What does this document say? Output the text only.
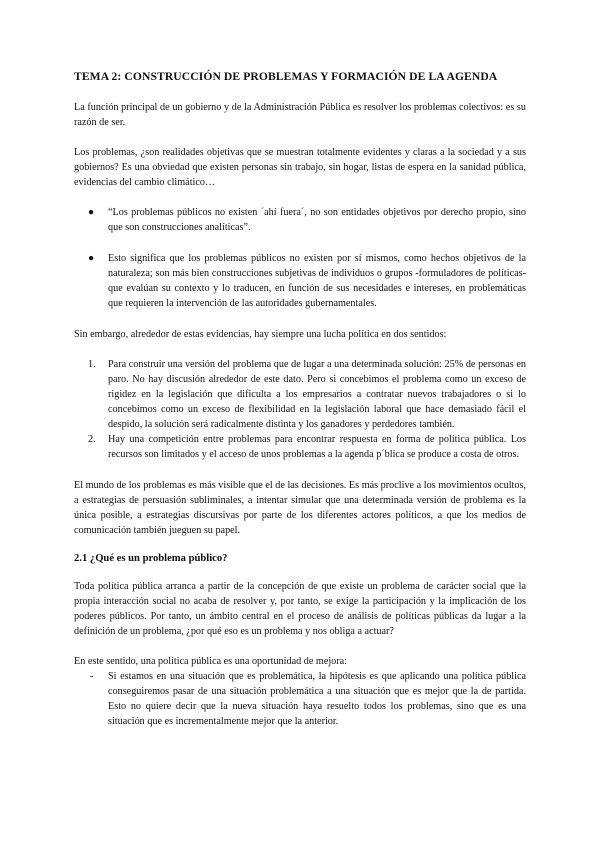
TEMA 2: CONSTRUCCIÓN DE PROBLEMAS Y FORMACIÓN DE LA AGENDA

La función principal de un gobierno y de la Administración Pública es resolver los problemas colectivos: es su razón de ser.

Los problemas, ¿son realidades objetivas que se muestran totalmente evidentes y claras a la sociedad y a sus gobiernos? Es una obviedad que existen personas sin trabajo, sin hogar, listas de espera en la sanidad pública, evidencias del cambio climático…

● “Los problemas públicos no existen ´ahí fuera´, no son entidades objetivos por derecho propio, sino que son construcciones analíticas”.
● Esto significa que los problemas públicos no existen por sí mismos, como hechos objetivos de la naturaleza; son más bien construcciones subjetivas de individuos o grupos -formuladores de políticas- que evalúan su contexto y lo traducen, en función de sus necesidades e intereses, en problemáticas que requieren la intervención de las autoridades gubernamentales.

Sin embargo, alrededor de estas evidencias, hay siempre una lucha política en dos sentidos:

1. Para construir una versión del problema que de lugar a una determinada solución: 25% de personas en paro. No hay discusión alrededor de este dato. Pero si concebimos el problema como un exceso de rigidez en la legislación que dificulta a los empresarios a contratar nuevos trabajadores o si lo concebimos como un exceso de flexibilidad en la legislación laboral que hace demasiado fácil el despido, la solución será radicalmente distinta y los ganadores y perdedores también.
2. Hay una competición entre problemas para encontrar respuesta en forma de política pública. Los recursos son limitados y el acceso de unos problemas a la agenda p´blica se produce a costa de otros.

El mundo de los problemas es más visible que el de las decisiones. Es más proclive a los movimientos ocultos, a estrategias de persuasión subliminales, a intentar simular que una determinada versión de problema es la única posible, a estrategias discursivas por parte de los diferentes actores políticos, a que los medios de comunicación también jueguen su papel.

2.1 ¿Qué es un problema público?

Toda política pública arranca a partir de la concepción de que existe un problema de carácter social que la propia interacción social no acaba de resolver y, por tanto, se exige la participación y la implicación de los poderes públicos. Por tanto, un ámbito central en el proceso de análisis de políticas públicas da lugar a la definición de un problema, ¿por qué eso es un problema y nos obliga a actuar?

En este sentido, una política pública es una oportunidad de mejora:

- Si estamos en una situación que es problemática, la hipótesis es que aplicando una política pública conseguiremos pasar de una situación problemática a una situación que es mejor que la de partida. Esto no quiere decir que la nueva situación haya resuelto todos los problemas, sino que es una situación que es incrementalmente mejor que la anterior.
